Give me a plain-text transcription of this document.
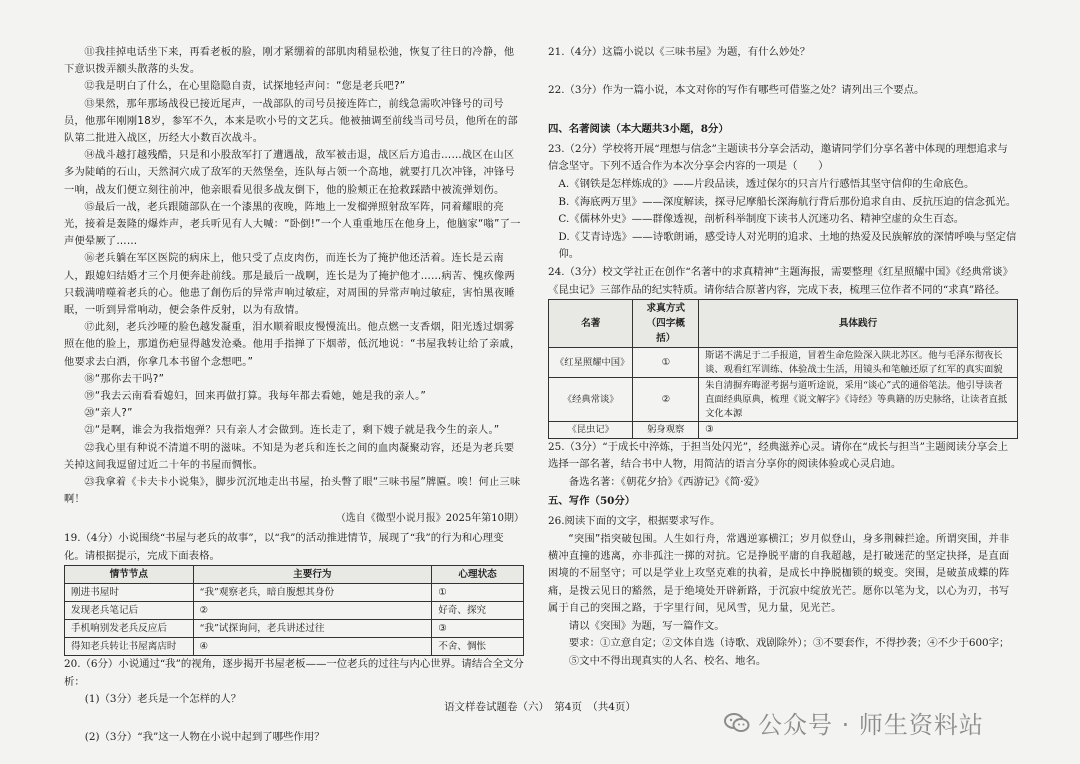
⑪我挂掉电话坐下来，再看老板的脸，刚才紧绷着的部肌肉稍显松弛，恢复了往日的冷静，他下意识拨弄额头散落的头发。

⑫我是明白了什么，在心里隐隐自责，试探地轻声问：“您是老兵吧?”

⑬果然，那年那场战役已接近尾声，一战部队的司号员接连阵亡，前线急需吹冲锋号的司号员，他那年刚刚18岁，参军不久，本来是吹小号的文艺兵。他被抽调至前线当司号员，他所在的部队第二批进入战区，历经大小数百次战斗。

⑭战斗越打越残酷，只是和小股敌军打了遭遇战，敌军被击退，战区后方追击……战区在山区多为陡峭的石山，天然洞穴成了敌军的天然堡垒，连队每占领一个高地，就要打几次冲锋，冲锋号一响，战友们便立刻往前冲，他亲眼看见很多战友倒下，他的脸颊正在抢救踩踏中被流弹划伤。

⑮最后一战，老兵跟随部队在一个漆黑的夜晚，阵地上一发榴弹照射敌军阵，同着耀眼的亮光，接着是轰隆的爆炸声，老兵听见有人大喊：“卧倒!”一个人重重地压在他身上，他脑家“嗡”了一声便晕厥了……

⑯老兵躺在军区医院的病床上，他只受了点皮肉伤，而连长为了掩护他还活着。连长是云南人，跟媳妇结婚才三个月便奔赴前线。那是最后一战啊，连长是为了掩护他才……病苦、愧疚像两只载满啃噬着老兵的心。他患了創伤后的异常声响过敏症，对周围的异常声响过敏症，害怕黑夜睡眠，一听到异常响动，便会条件反射，以为有敌情。

⑰此刻，老兵沙哑的脸色越发凝重，泪水顺着眼皮慢慢流出。他点燃一支香烟，阳光透过烟雾照在他的脸上，那道伤疤显得越发沧桑。他用手指掸了下烟蒂，低沉地说：“书屋我转让给了亲戚，他要求去白酒，你拿几本书留个念想吧。”

⑱“那你去干吗?”

⑲“我去云南看看媳妇，回来再做打算。我每年都去看她，她是我的亲人。”

⑳“亲人?”

㉑“是啊，谁会为我指炮弹？只有亲人才会做到。连长走了，剩下嫂子就是我今生的亲人。”

㉒我心里有种说不清道不明的滋味。不知是为老兵和连长之间的血肉凝聚动容，还是为老兵要关掉这间我逗留过近二十年的书屋而惆怅。

㉓我拿着《卡夫卡小说集》，脚步沉沉地走出书屋，抬头瞥了眼“三味书屋”牌匾。唉！何止三味啊！

（选自《微型小说月报》2025年第10期）

19.（4分）小说围绕“书屋与老兵的故事”，以“我”的活动推进情节，展现了“我”的行为和心理变化。请根据提示，完成下面表格。

情节节点	主要行为	心理状态
刚进书屋时	“我”观察老兵，暗自腹想其身份	①
发现老兵笔记后	②	好奇、探究
手机响别发老兵反应后	“我”试探询问，老兵讲述过往	③
得知老兵转让书屋离店时	④	不舍、惆怅

20.（6分）小说通过“我”的视角，逐步揭开书屋老板——一位老兵的过往与内心世界。请结合全文分析：

(1)（3分）老兵是一个怎样的人？

(2)（3分）“我”这一人物在小说中起到了哪些作用？

21.（4分）这篇小说以《三味书屋》为题，有什么妙处？

22.（3分）作为一篇小说，本文对你的写作有哪些可借鉴之处？请列出三个要点。

四、名著阅读（本大题共3小题，8分）

23.（2分）学校将开展“理想与信念”主题读书分享会活动，邀请同学们分享名著中体现的理想追求与信念坚守。下列不适合作为本次分享会内容的一项是（　　）

A.《钢铁是怎样炼成的》——片段品读，透过保尔的只言片行感悟其坚守信仰的生命底色。

B.《海底两万里》——深度解读，探寻尼摩船长深海航行背后那份追求自由、反抗压迫的信念孤光。

C.《儒林外史》——群像透视，剖析科举制度下读书人沉迷功名、精神空虚的众生百态。

D.《艾青诗选》——诗歌朗诵，感受诗人对光明的追求、土地的热爱及民族解放的深情呼唤与坚定信仰。

24.（3分）校文学社正在创作“名著中的求真精神”主题海报，需要整理《红星照耀中国》《经典常谈》《昆虫记》三部作品的纪实特质。请你结合原著内容，完成下表，梳理三位作者不同的“求真”路径。

名著	求真方式（四字概括）	具体践行
《红星照耀中国》	①	斯诺不满足于二手报道，冒着生命危险深入陕北苏区。他与毛泽东彻夜长谈、观看红军训练、体验战士生活，用镜头和笔触还原了红军的真实面貌
《经典常谈》	②	朱自清摒弃晦涩考据与道听途说，采用“谈心”式的通俗笔法。他引导读者直面经典原典，梳理《说文解字》《诗经》等典籍的历史脉络，让读者直抵文化本源
《昆虫记》	躬身观察	③

25.（3分）“于成长中淬炼，于担当处闪光”，经典滋养心灵。请你在“成长与担当”主题阅读分享会上选择一部名著，结合书中人物，用简洁的语言分享你的阅读体验或心灵启迪。

备选名著：《朝花夕拾》《西游记》《简·爱》

五、写作（50分）

26.阅读下面的文字，根据要求写作。

“突围”指突破包围。人生如行舟，常遇逆寡横江；岁月似登山，身多荆棘拦途。所谓突围，并非横冲直撞的逃离，亦非孤注一掷的对抗。它是挣脱平庸的自我超越，是打破迷茫的坚定抉择，是直面困境的不屈坚守；可以是学业上攻坚克难的执着，是成长中挣脱枷锁的蜕变。突围，是破茧成蝶的阵痛，是拨云见日的豁然，是于绝境处开辟新路，于沉寂中绽放光芒。愿你以笔为戈，以心为刃，书写属于自己的突围之路，于字里行间，见风雪，见力量，见光芒。

请以《突围》为题，写一篇作文。

要求：①立意自定；②文体自选（诗歌、戏剧除外）；③不要套作，不得抄袭；④不少于600字；⑤文中不得出现真实的人名、校名、地名。

语文样卷试题卷（六）　第4页　（共4页）
公众号 · 师生资料站
